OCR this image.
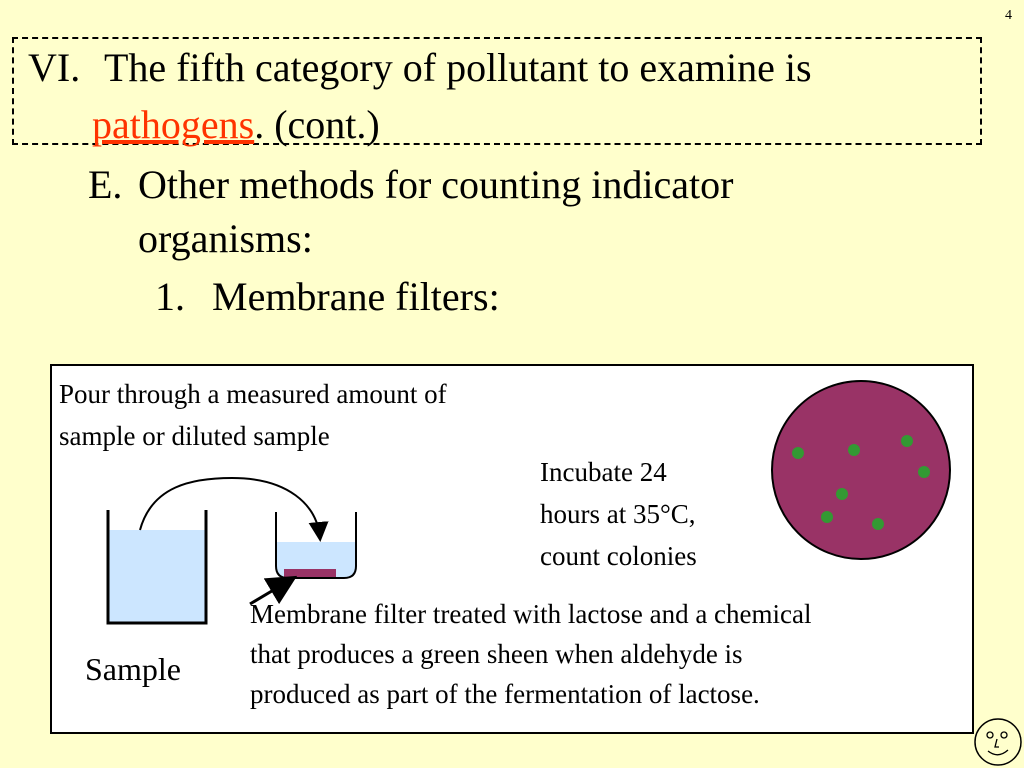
4
VI. The fifth category of pollutant to examine is
pathogens. (cont.)
E. Other methods for counting indicator
organisms:
1. Membrane filters:
Pour through a measured amount of
sample or diluted sample
Incubate 24
hours at 35°C,
count colonies
Membrane filter treated with lactose and a chemical
that produces a green sheen when aldehyde is
produced as part of the fermentation of lactose.
Sample
